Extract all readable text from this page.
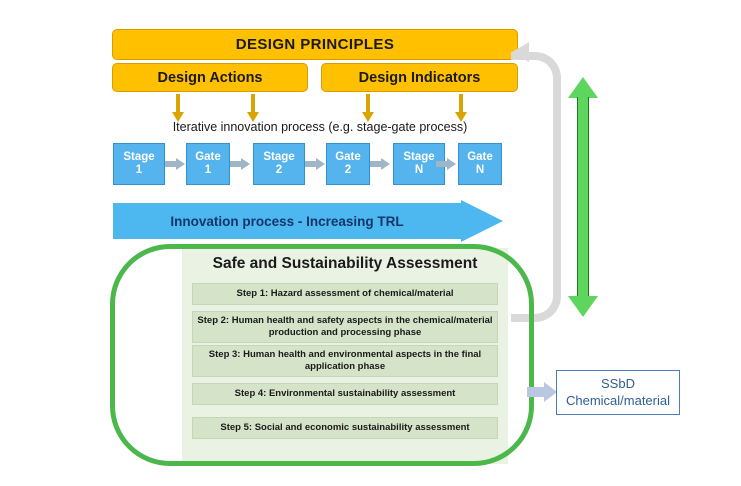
DESIGN PRINCIPLES
Design Actions	Design Indicators
Iterative innovation process (e.g. stage-gate process)
Stage
1
Gate
1
Stage
2
Gate
2
Stage
N
Gate
N
Innovation process - Increasing TRL
Safe and Sustainability Assessment
Step 1: Hazard assessment of chemical/material
Step 2: Human health and safety aspects in the chemical/material production and processing phase
Step 3: Human health and environmental aspects in the final application phase
Step 4: Environmental sustainability assessment
Step 5: Social and economic sustainability assessment
SSbD
Chemical/material
